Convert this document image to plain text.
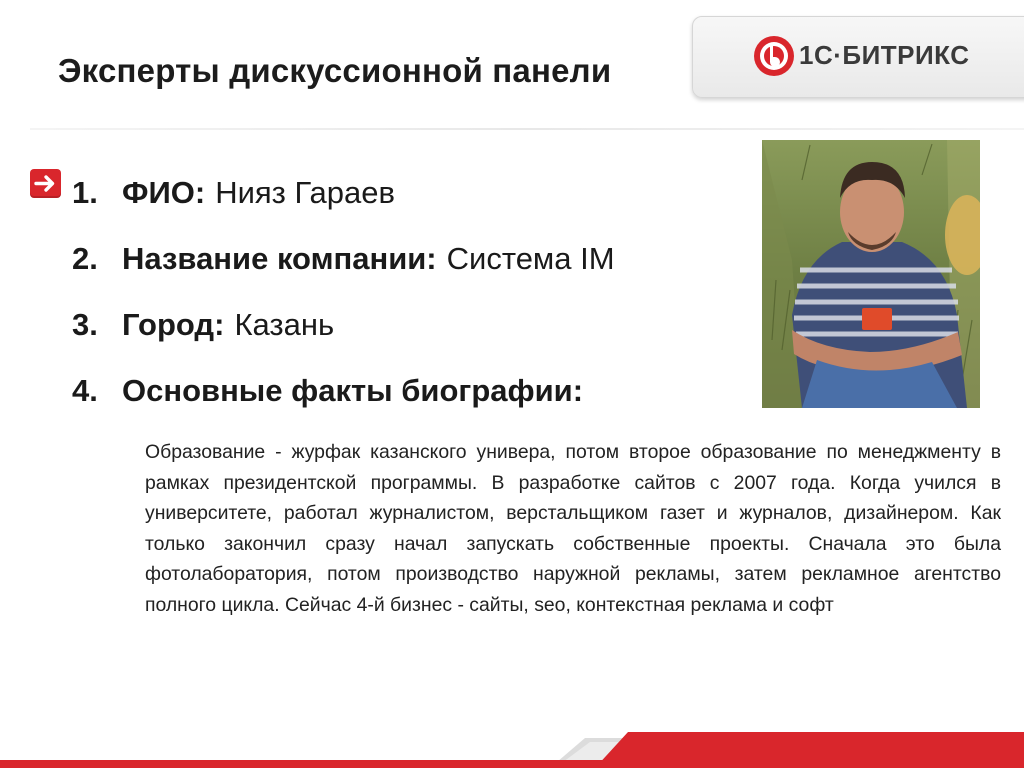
Эксперты дискуссионной панели	1С·БИТРИКС
1. ФИО: Нияз Гараев
2. Название компании: Система IM
3. Город: Казань
4. Основные факты биографии:
Образование - журфак казанского универа, потом второе образование по менеджменту в рамках президентской программы. В разработке сайтов с 2007 года. Когда учился в университете, работал журналистом, верстальщиком газет и журналов, дизайнером. Как только закончил сразу начал запускать собственные проекты. Сначала это была фотолаборатория, потом производство наружной рекламы, затем рекламное агентство полного цикла. Сейчас 4-й бизнес - сайты, seo, контекстная реклама и софт
